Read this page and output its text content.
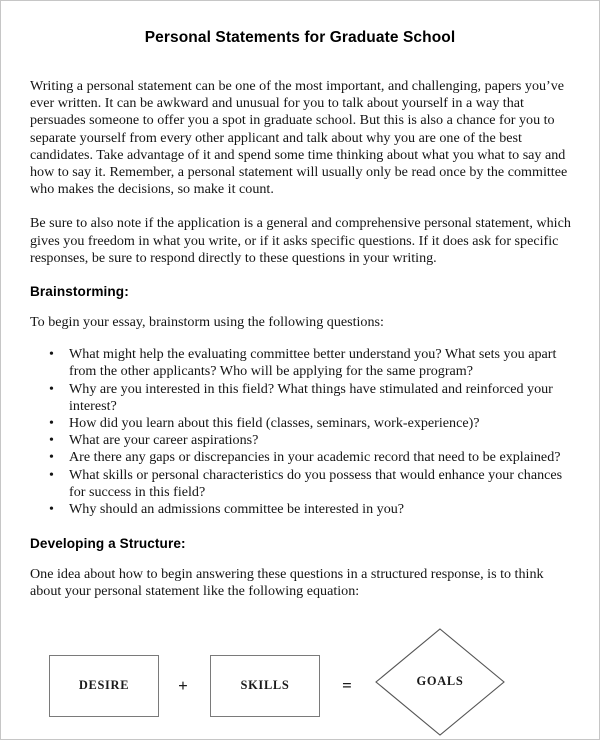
Personal Statements for Graduate School

Writing a personal statement can be one of the most important, and challenging, papers you’ve ever written. It can be awkward and unusual for you to talk about yourself in a way that persuades someone to offer you a spot in graduate school. But this is also a chance for you to separate yourself from every other applicant and talk about why you are one of the best candidates. Take advantage of it and spend some time thinking about what you what to say and how to say it. Remember, a personal statement will usually only be read once by the committee who makes the decisions, so make it count.

Be sure to also note if the application is a general and comprehensive personal statement, which gives you freedom in what you write, or if it asks specific questions. If it does ask for specific responses, be sure to respond directly to these questions in your writing.

Brainstorming:

To begin your essay, brainstorm using the following questions:

• What might help the evaluating committee better understand you? What sets you apart from the other applicants? Who will be applying for the same program?
• Why are you interested in this field? What things have stimulated and reinforced your interest?
• How did you learn about this field (classes, seminars, work-experience)?
• What are your career aspirations?
• Are there any gaps or discrepancies in your academic record that need to be explained?
• What skills or personal characteristics do you possess that would enhance your chances for success in this field?
• Why should an admissions committee be interested in you?
Developing a Structure:

One idea about how to begin answering these questions in a structured response, is to think about your personal statement like the following equation:

DESIRE	+	SKILLS	=	GOALS
